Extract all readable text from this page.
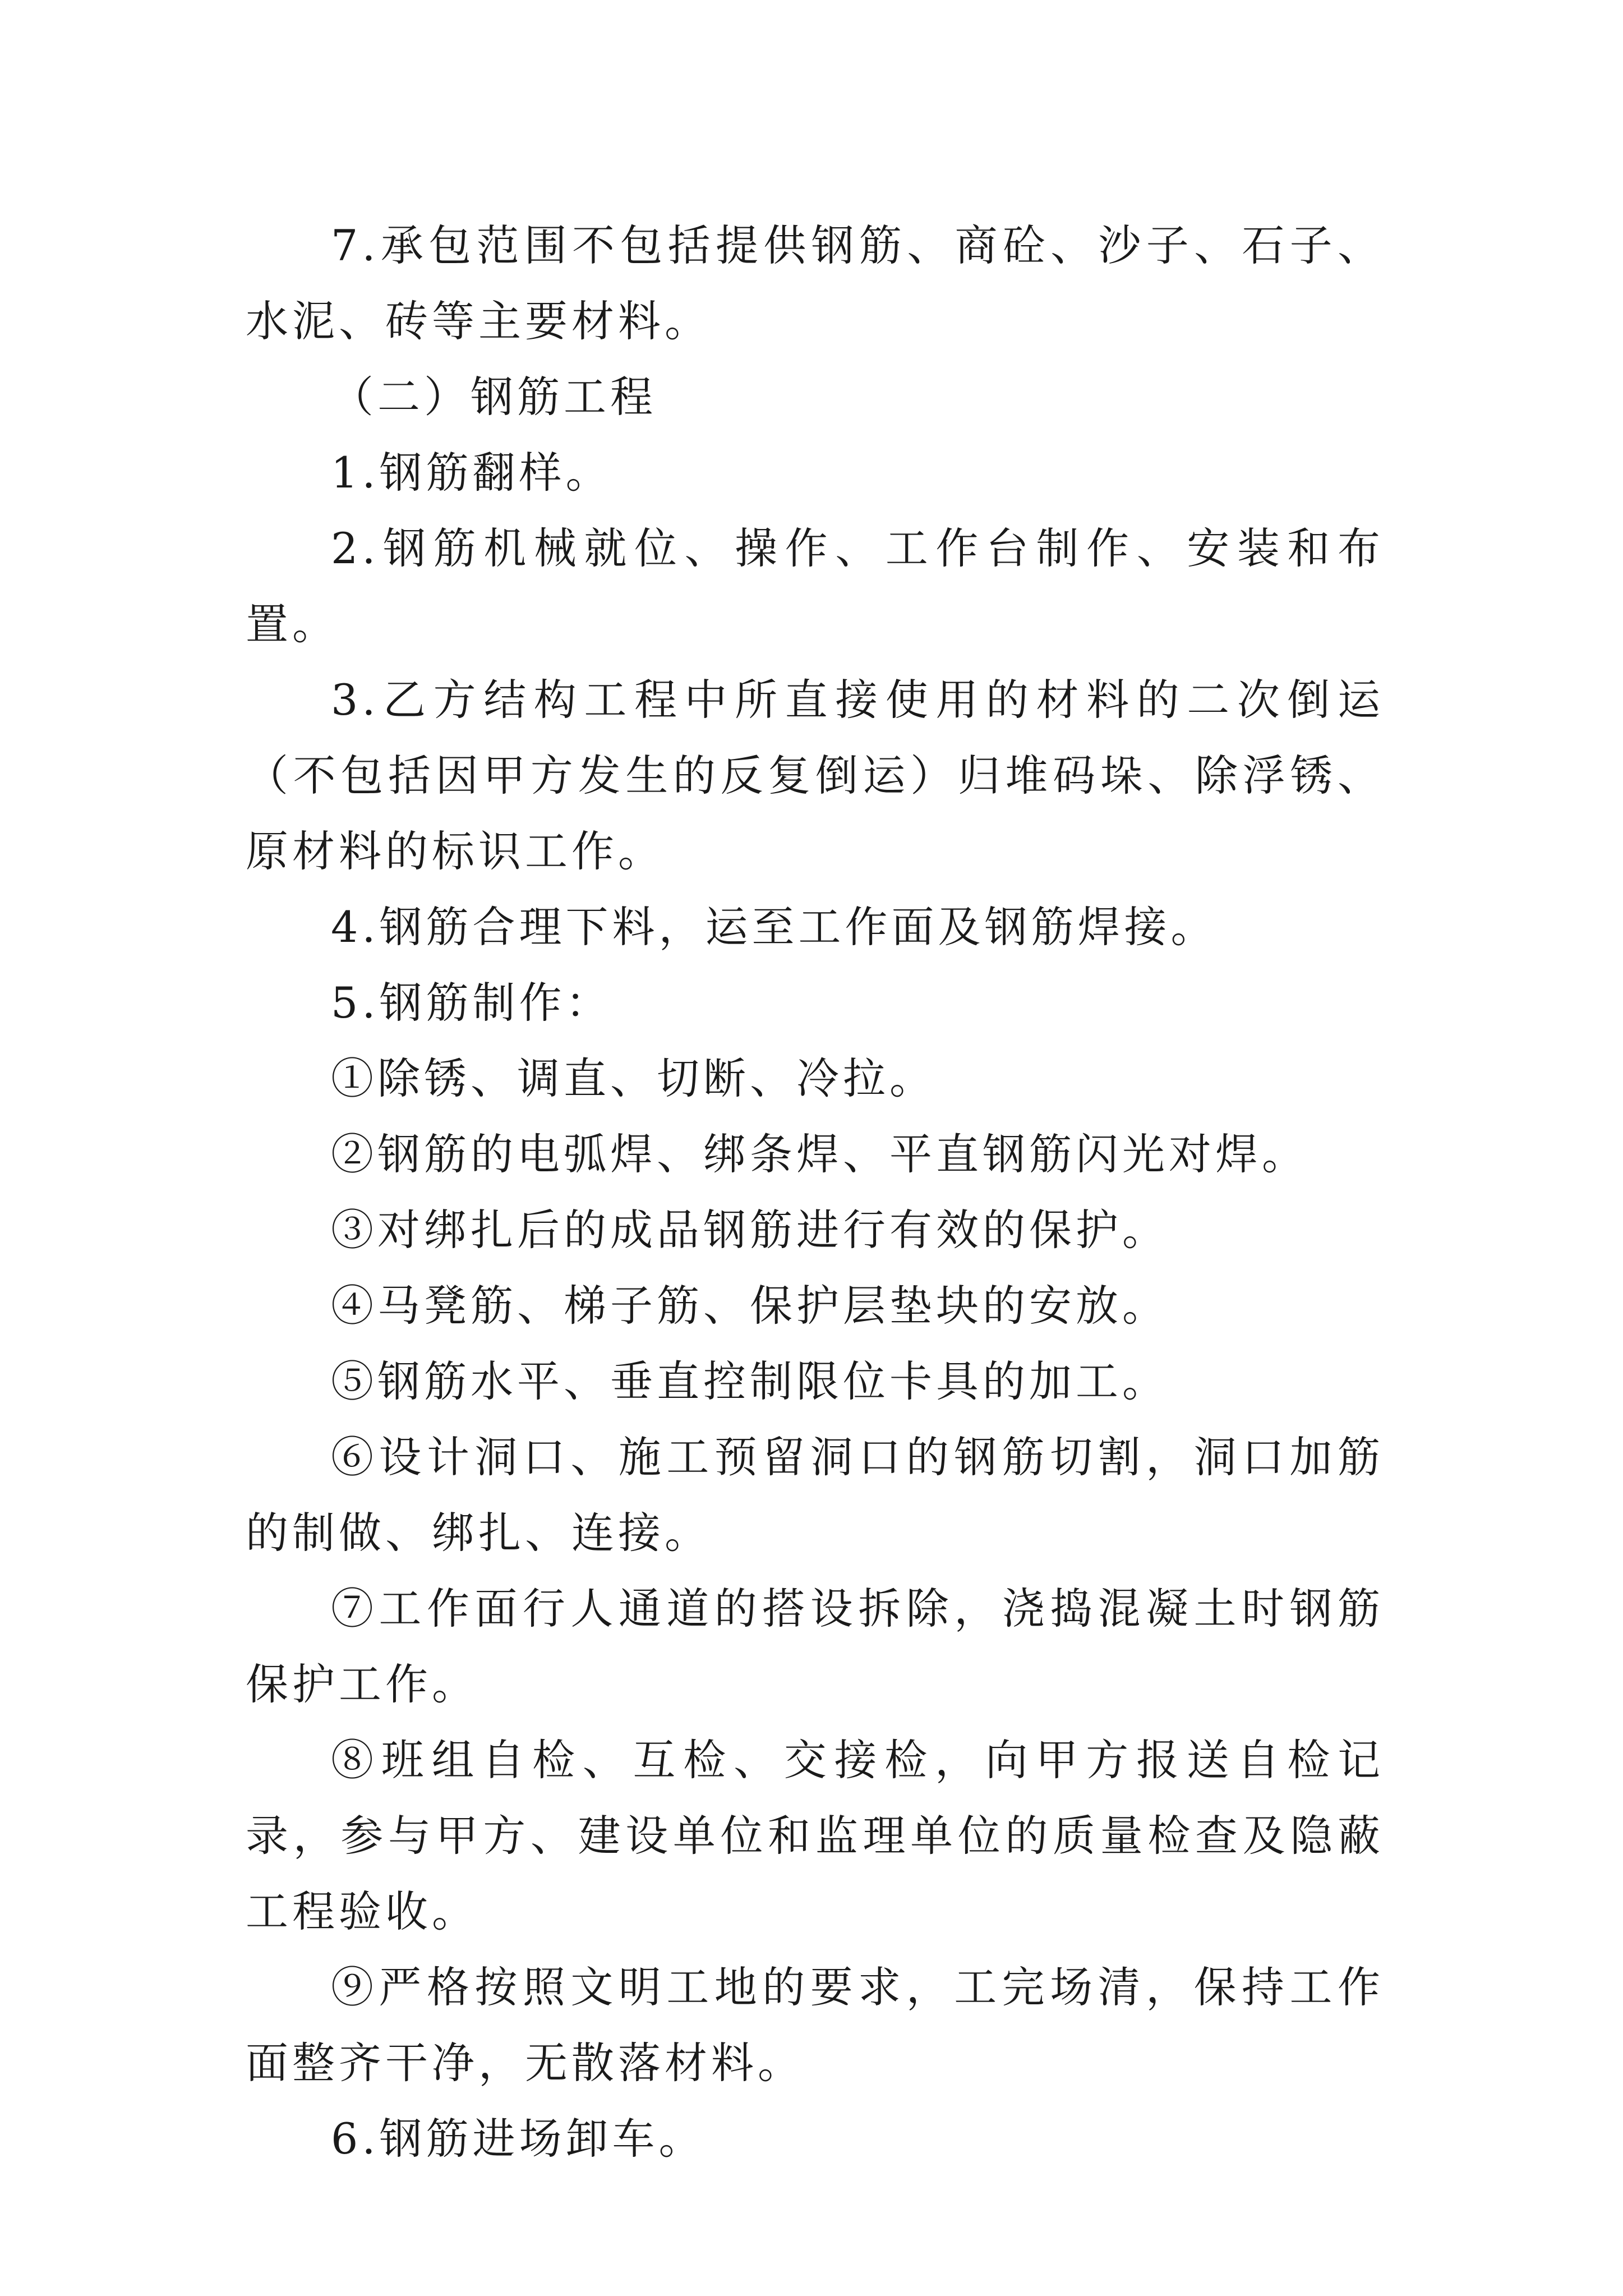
7.承包范围不包括提供钢筋、商砼、沙子、石子、水泥、砖等主要材料。

（二）钢筋工程

1.钢筋翻样。

2.钢筋机械就位、操作、工作台制作、安装和布置。

3.乙方结构工程中所直接使用的材料的二次倒运（不包括因甲方发生的反复倒运）归堆码垛、除浮锈、原材料的标识工作。

4.钢筋合理下料，运至工作面及钢筋焊接。

5.钢筋制作：

①除锈、调直、切断、冷拉。

②钢筋的电弧焊、绑条焊、平直钢筋闪光对焊。

③对绑扎后的成品钢筋进行有效的保护。

④马凳筋、梯子筋、保护层垫块的安放。

⑤钢筋水平、垂直控制限位卡具的加工。

⑥设计洞口、施工预留洞口的钢筋切割，洞口加筋的制做、绑扎、连接。

⑦工作面行人通道的搭设拆除，浇捣混凝土时钢筋保护工作。

⑧班组自检、互检、交接检，向甲方报送自检记录，参与甲方、建设单位和监理单位的质量检查及隐蔽工程验收。

⑨严格按照文明工地的要求，工完场清，保持工作面整齐干净，无散落材料。

6.钢筋进场卸车。
